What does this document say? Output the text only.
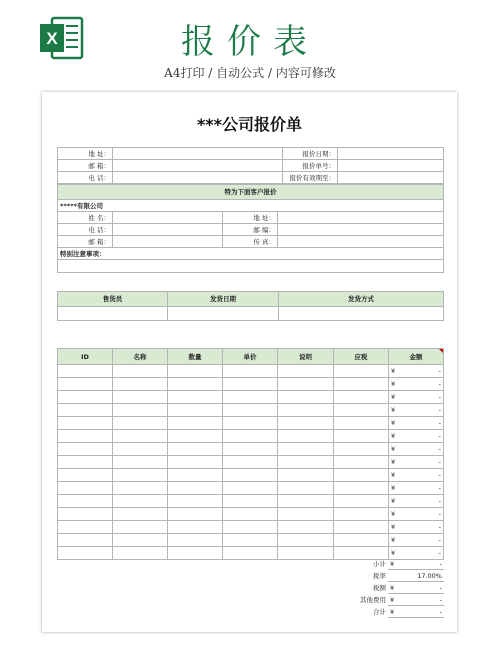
X	报价表
A4打印 / 自动公式 / 内容可修改
***公司报价单
地 址：		报价日期：	
邮 箱：		报价单号：	
电 话：		报价有效期至：	
特为下面客户报价			
*****有限公司			
姓 名：		地 址：	
电 话：		邮 编：	
邮 箱：		传 真：	
特别注意事项：			

售货员	发货日期	发货方式

ID	名称	数量	单价	说明	应税	金额

						¥ -

						¥ -

						¥ -

						¥ -

						¥ -

						¥ -

						¥ -

						¥ -

						¥ -

						¥ -

						¥ -

						¥ -

						¥ -

						¥ -

						¥ -
	小计	¥ -

	税率	17.00%

	税额	¥ -

	其他费用	¥ -

	合计	¥ -
